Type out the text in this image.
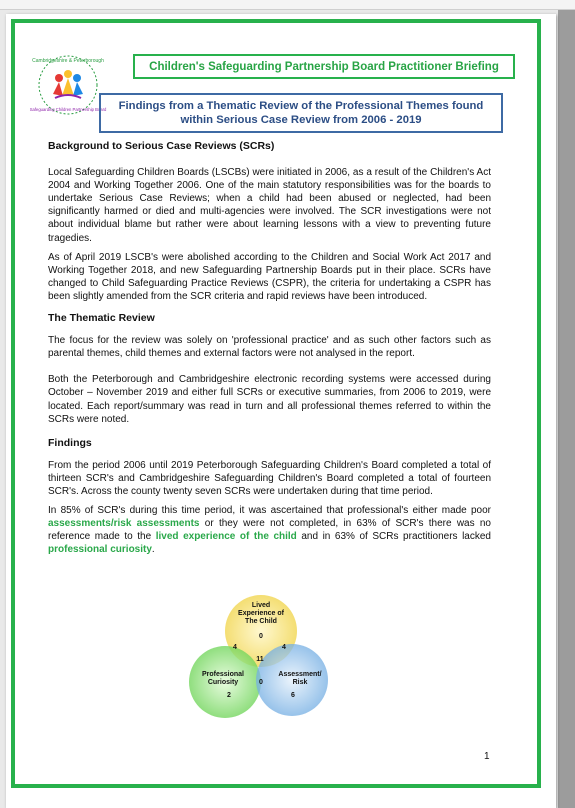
Cambridgeshire & Peterborough
Safeguarding Children Partnership Board
Children's Safeguarding Partnership Board Practitioner Briefing
Findings from a Thematic Review of the Professional Themes found within Serious Case Review from 2006 - 2019
Background to Serious Case Reviews (SCRs)

Local Safeguarding Children Boards (LSCBs) were initiated in 2006, as a result of the Children's Act 2004 and Working Together 2006. One of the main statutory responsibilities was for the boards to undertake Serious Case Reviews; when a child had been abused or neglected, had been significantly harmed or died and multi-agencies were involved. The SCR investigations were not about individual blame but rather were about learning lessons with a view to preventing future tragedies.

As of April 2019 LSCB's were abolished according to the Children and Social Work Act 2017 and Working Together 2018, and new Safeguarding Partnership Boards put in their place. SCRs have changed to Child Safeguarding Practice Reviews (CSPR), the criteria for undertaking a CSPR has been slightly amended from the SCR criteria and rapid reviews have been introduced.

The Thematic Review

The focus for the review was solely on 'professional practice' and as such other factors such as parental themes, child themes and external factors were not analysed in the report.

Both the Peterborough and Cambridgeshire electronic recording systems were accessed during October – November 2019 and either full SCRs or executive summaries, from 2006 to 2019, were located. Each report/summary was read in turn and all professional themes referred to within the SCRs were noted.

Findings

From the period 2006 until 2019 Peterborough Safeguarding Children's Board completed a total of thirteen SCR's and Cambridgeshire Safeguarding Children's Board completed a total of fourteen SCR's. Across the county twenty seven SCRs were undertaken during that time period.

In 85% of SCR's during this time period, it was ascertained that professional's either made poor assessments/risk assessments or they were not completed, in 63% of SCR's there was no reference made to the lived experience of the child and in 63% of SCRs practitioners lacked professional curiosity.

Lived
Experience of
The Child
0
Professional
Curiosity
2
Assessment/
Risk
6
4	4
11
0
1
